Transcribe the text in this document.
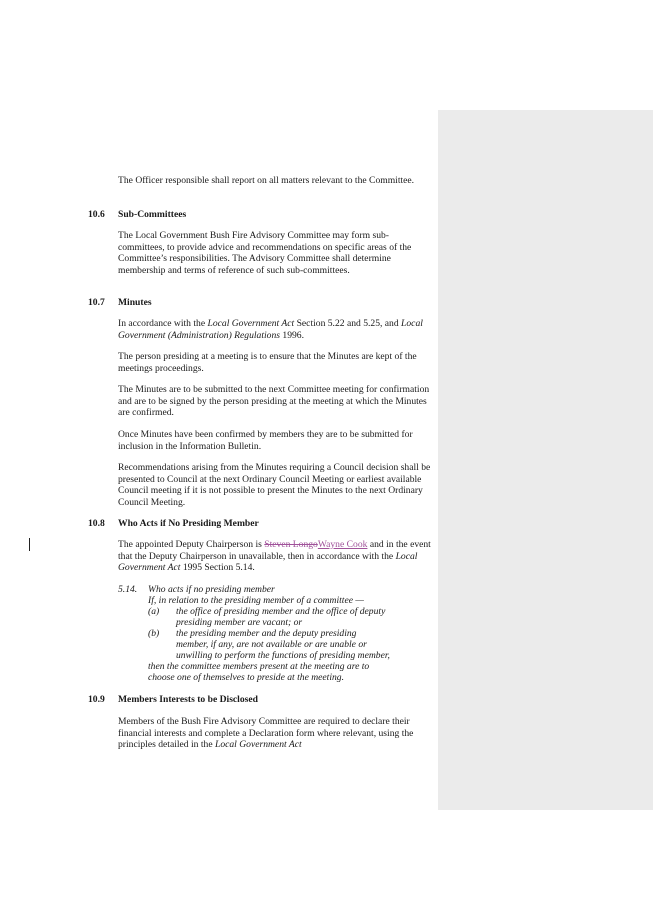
The Officer responsible shall report on all matters relevant to the Committee.

10.6 Sub-Committees

The Local Government Bush Fire Advisory Committee may form sub-committees, to provide advice and recommendations on specific areas of the Committee’s responsibilities. The Advisory Committee shall determine membership and terms of reference of such sub-committees.

10.7 Minutes

In accordance with the Local Government Act Section 5.22 and 5.25, and Local Government (Administration) Regulations 1996.

The person presiding at a meeting is to ensure that the Minutes are kept of the meetings proceedings.

The Minutes are to be submitted to the next Committee meeting for confirmation and are to be signed by the person presiding at the meeting at which the Minutes are confirmed.

Once Minutes have been confirmed by members they are to be submitted for inclusion in the Information Bulletin.

Recommendations arising from the Minutes requiring a Council decision shall be presented to Council at the next Ordinary Council Meeting or earliest available Council meeting if it is not possible to present the Minutes to the next Ordinary Council Meeting.

10.8 Who Acts if No Presiding Member

The appointed Deputy Chairperson is Steven LongoWayne Cook and in the event that the Deputy Chairperson in unavailable, then in accordance with the Local Government Act 1995 Section 5.14.

5.14. Who acts if no presiding member

If, in relation to the presiding member of a committee —

(a) the office of presiding member and the office of deputy

presiding member are vacant; or

(b) the presiding member and the deputy presiding

member, if any, are not available or are unable or

unwilling to perform the functions of presiding member,

then the committee members present at the meeting are to

choose one of themselves to preside at the meeting.

10.9 Members Interests to be Disclosed

Members of the Bush Fire Advisory Committee are required to declare their financial interests and complete a Declaration form where relevant, using the principles detailed in the Local Government Act
